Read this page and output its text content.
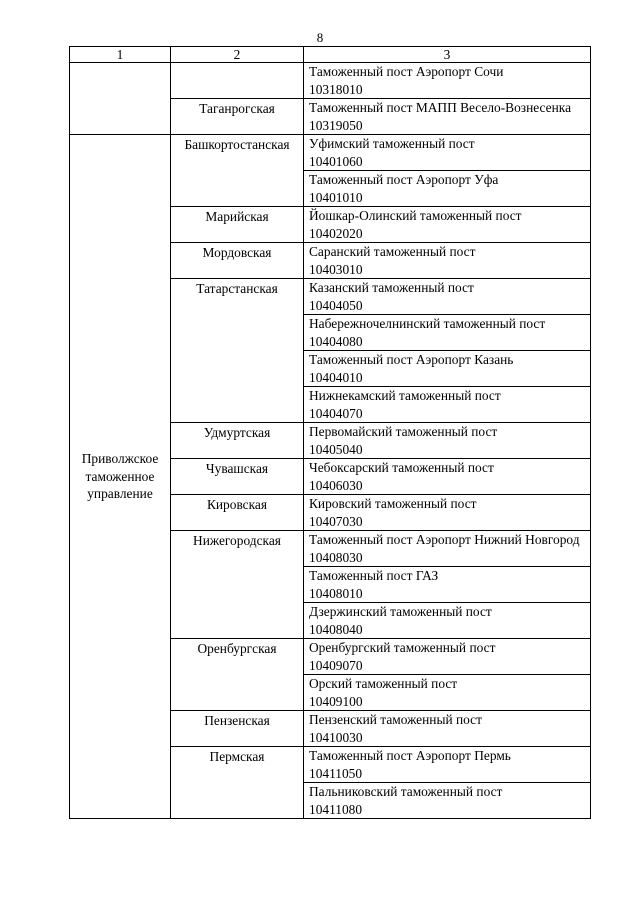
8
1	2	3

		Таможенный пост Аэропорт Сочи
10318010

	Таганрогская	Таможенный пост МАПП Весело-Вознесенка
10319050

Приволжское таможенное управление	Башкортостанская	Уфимский таможенный пост
10401060

		Таможенный пост Аэропорт Уфа
10401010

	Марийская	Йошкар-Олинский таможенный пост
10402020

	Мордовская	Саранский таможенный пост
10403010

	Татарстанская	Казанский таможенный пост
10404050

		Набережночелнинский таможенный пост
10404080

		Таможенный пост Аэропорт Казань
10404010

		Нижнекамский таможенный пост
10404070

	Удмуртская	Первомайский таможенный пост
10405040

	Чувашская	Чебоксарский таможенный пост
10406030

	Кировская	Кировский таможенный пост
10407030

	Нижегородская	Таможенный пост Аэропорт Нижний Новгород
10408030

		Таможенный пост ГАЗ
10408010

		Дзержинский таможенный пост
10408040

	Оренбургская	Оренбургский таможенный пост
10409070

		Орский таможенный пост
10409100

	Пензенская	Пензенский таможенный пост
10410030

	Пермская	Таможенный пост Аэропорт Пермь
10411050

		Пальниковский таможенный пост
10411080
